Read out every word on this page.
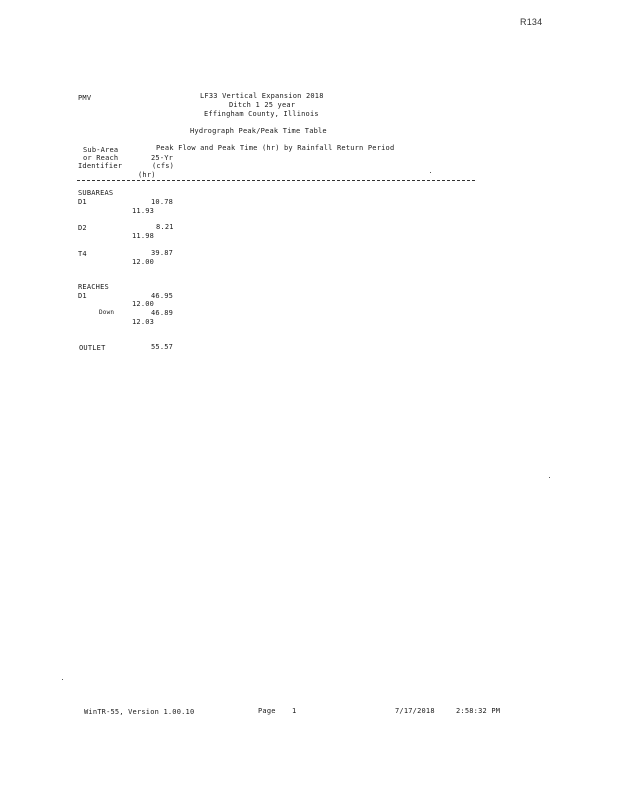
R134
PMV	LF33 Vertical Expansion 2018
Ditch 1 25 year
Effingham County, Illinois
Hydrograph Peak/Peak Time Table
Sub-Area
or Reach
Identifier
Peak Flow and Peak Time (hr) by Rainfall Return Period
25-Yr
(cfs)
(hr)
SUBAREAS
D1	10.78
11.93
D2	8.21
11.98
T4	39.87
12.00
REACHES
D1	46.95
12.00
Down	46.89
12.03
OUTLET	55.57
WinTR-55, Version 1.00.10	Page 1	7/17/2018	2:58:32 PM
